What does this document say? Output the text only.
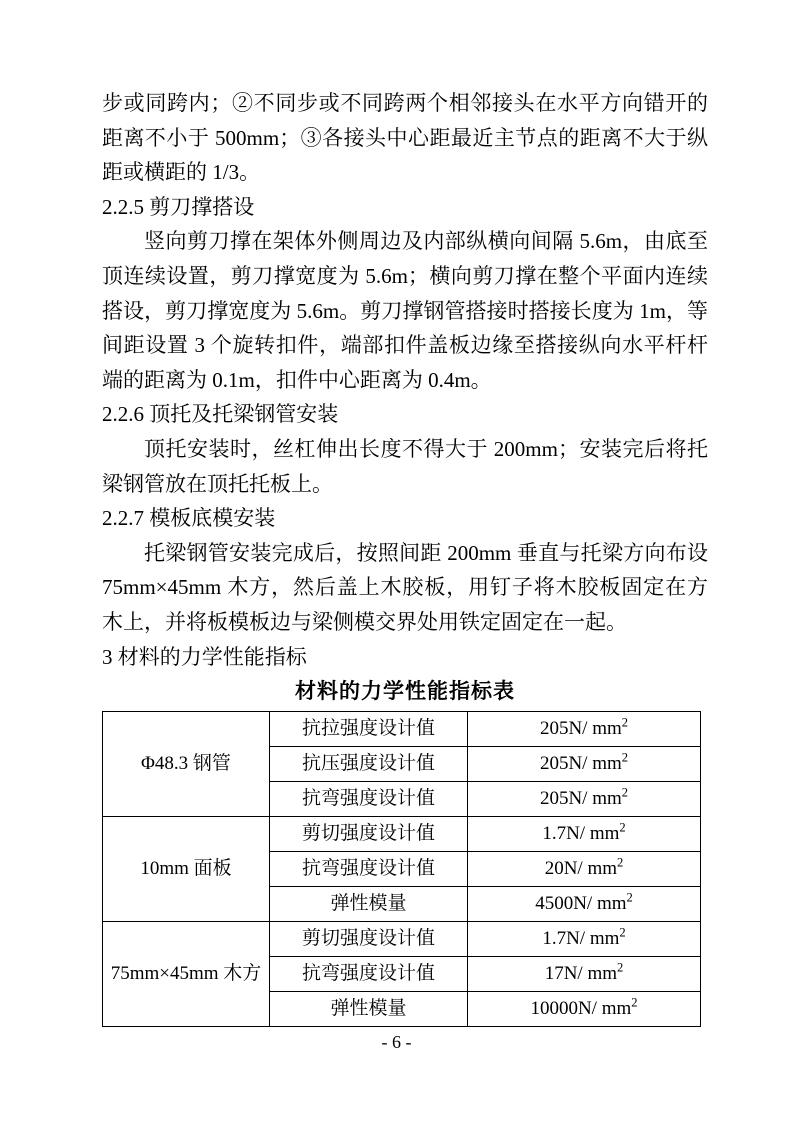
步或同跨内；②不同步或不同跨两个相邻接头在水平方向错开的距离不小于 500mm；③各接头中心距最近主节点的距离不大于纵距或横距的 1/3。

2.2.5 剪刀撑搭设

竖向剪刀撑在架体外侧周边及内部纵横向间隔 5.6m，由底至顶连续设置，剪刀撑宽度为 5.6m；横向剪刀撑在整个平面内连续搭设，剪刀撑宽度为 5.6m。剪刀撑钢管搭接时搭接长度为 1m，等间距设置 3 个旋转扣件，端部扣件盖板边缘至搭接纵向水平杆杆端的距离为 0.1m，扣件中心距离为 0.4m。

2.2.6 顶托及托梁钢管安装

顶托安装时，丝杠伸出长度不得大于 200mm；安装完后将托梁钢管放在顶托托板上。

2.2.7 模板底模安装

托梁钢管安装完成后，按照间距 200mm 垂直与托梁方向布设 75mm×45mm 木方，然后盖上木胶板，用钉子将木胶板固定在方木上，并将板模板边与梁侧模交界处用铁定固定在一起。

3 材料的力学性能指标

材料的力学性能指标表

Φ48.3 钢管	抗拉强度设计值	205N/ $mm^2$
	抗压强度设计值	205N/ $mm^2$
	抗弯强度设计值	205N/ $mm^2$
10mm 面板	剪切强度设计值	1.7N/ $mm^2$
	抗弯强度设计值	20N/ $mm^2$
	弹性模量	4500N/ $mm^2$
75mm×45mm 木方	剪切强度设计值	1.7N/ $mm^2$
	抗弯强度设计值	17N/ $mm^2$
	弹性模量	10000N/ $mm^2$
- 6 -
